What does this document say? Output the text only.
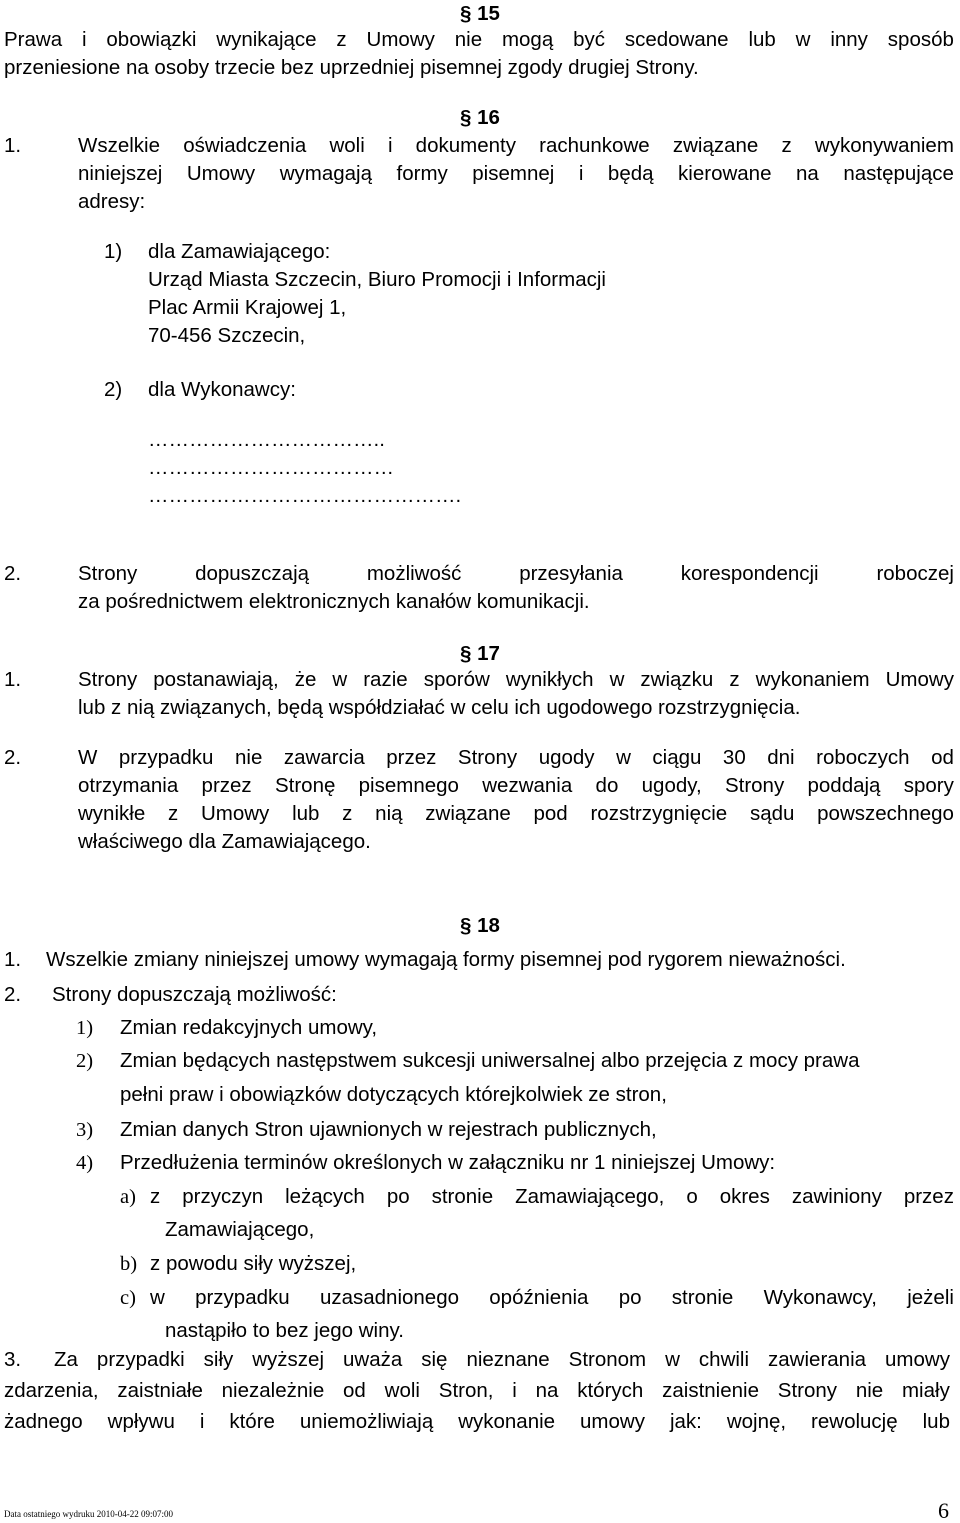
§ 15
Prawa i obowiązki wynikające z Umowy nie mogą być scedowane lub w inny sposób
przeniesione na osoby trzecie bez uprzedniej pisemnej zgody drugiej Strony.
§ 16
1.	Wszelkie oświadczenia woli i dokumenty rachunkowe związane z wykonywaniem
niniejszej Umowy wymagają formy pisemnej i będą kierowane na następujące
adresy:
1) dla Zamawiającego:
Urząd Miasta Szczecin, Biuro Promocji i Informacji
Plac Armii Krajowej 1,
70-456 Szczecin,
2) dla Wykonawcy:
……………………………..
………………………………
……………………………………….
2.	Strony	dopuszczają	możliwość	przesyłania	korespondencji	roboczej
za pośrednictwem elektronicznych kanałów komunikacji.
§ 17
1.	Strony postanawiają, że w razie sporów wynikłych w związku z wykonaniem Umowy
lub z nią związanych, będą współdziałać w celu ich ugodowego rozstrzygnięcia.
2.	W przypadku nie zawarcia przez Strony ugody w ciągu 30 dni roboczych od
otrzymania przez Stronę pisemnego wezwania do ugody, Strony poddają spory
wynikłe z Umowy lub z nią związane pod rozstrzygnięcie sądu powszechnego
właściwego dla Zamawiającego.
§ 18
1. Wszelkie zmiany niniejszej umowy wymagają formy pisemnej pod rygorem nieważności.
2. Strony dopuszczają możliwość:
1) Zmian redakcyjnych umowy,
2) Zmian będących następstwem sukcesji uniwersalnej albo przejęcia z mocy prawa
pełni praw i obowiązków dotyczących którejkolwiek ze stron,
3) Zmian danych Stron ujawnionych w rejestrach publicznych,
4) Przedłużenia terminów określonych w załączniku nr 1 niniejszej Umowy:
a) z przyczyn leżących po stronie Zamawiającego, o okres zawiniony przez
Zamawiającego,
b) z powodu siły wyższej,
c) w przypadku uzasadnionego opóźnienia po stronie Wykonawcy, jeżeli
nastąpiło to bez jego winy.
3. Za przypadki siły wyższej uważa się nieznane Stronom w chwili zawierania umowy
zdarzenia, zaistniałe niezależnie od woli Stron, i na których zaistnienie Strony nie miały
żadnego wpływu i które uniemożliwiają wykonanie umowy jak: wojnę, rewolucję lub
Data ostatniego wydruku 2010-04-22 09:07:00	6
